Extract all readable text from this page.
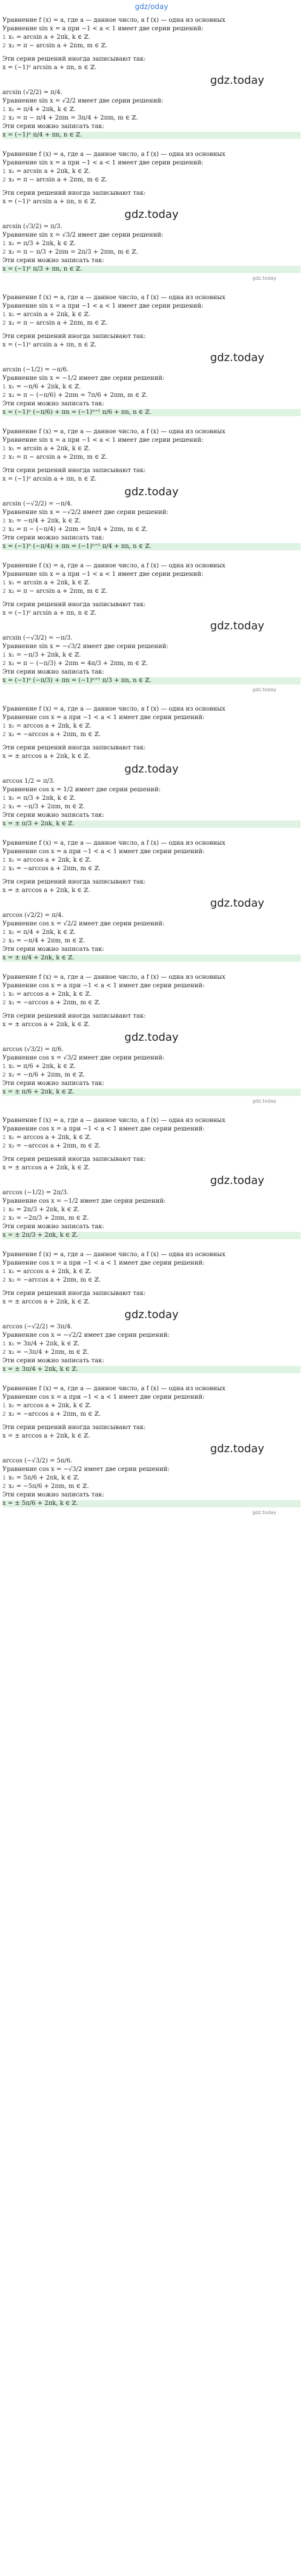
gdz/oday
Уравнение f (x) = a, где a — данное число, а f (x) — одна из основных
Уравнение sin x = a при −1 < a < 1 имеет две серии решений:
1 x₁ = arcsin a + 2πk, k ∈ ℤ.
2 x₂ = π − arcsin a + 2πm, m ∈ ℤ.
Эти серии решений иногда записывают так:
x = (−1)ⁿ arcsin a + πn, n ∈ ℤ.
gdz.today
arcsin (√2/2) = π/4.
Уравнение sin x = √2/2 имеет две серии решений:
1 x₁ = π/4 + 2πk, k ∈ ℤ.
2 x₂ = π − π/4 + 2πm = 3π/4 + 2πm, m ∈ ℤ.
Эти серии можно записать так:
x = (−1)ⁿ π/4 + πn, n ∈ ℤ.
Уравнение f (x) = a, где a — данное число, а f (x) — одна из основных
Уравнение sin x = a при −1 < a < 1 имеет две серии решений:
1 x₁ = arcsin a + 2πk, k ∈ ℤ.
2 x₂ = π − arcsin a + 2πm, m ∈ ℤ.
Эти серии решений иногда записывают так:
x = (−1)ⁿ arcsin a + πn, n ∈ ℤ.
gdz.today
arcsin (√3/2) = π/3.
Уравнение sin x = √3/2 имеет две серии решений:
1 x₁ = π/3 + 2πk, k ∈ ℤ.
2 x₂ = π − π/3 + 2πm = 2π/3 + 2πm, m ∈ ℤ.
Эти серии можно записать так:
x = (−1)ⁿ π/3 + πn, n ∈ ℤ.
gdz.today
Уравнение f (x) = a, где a — данное число, а f (x) — одна из основных
Уравнение sin x = a при −1 < a < 1 имеет две серии решений:
1 x₁ = arcsin a + 2πk, k ∈ ℤ.
2 x₂ = π − arcsin a + 2πm, m ∈ ℤ.
Эти серии решений иногда записывают так:
x = (−1)ⁿ arcsin a + πn, n ∈ ℤ.
gdz.today
arcsin (−1/2) = −π/6.
Уравнение sin x = −1/2 имеет две серии решений:
1 x₁ = −π/6 + 2πk, k ∈ ℤ.
2 x₂ = π − (−π/6) + 2πm = 7π/6 + 2πm, m ∈ ℤ.
Эти серии можно записать так:
x = (−1)ⁿ (−π/6) + πn = (−1)ⁿ⁺¹ π/6 + πn, n ∈ ℤ.
Уравнение f (x) = a, где a — данное число, а f (x) — одна из основных
Уравнение sin x = a при −1 < a < 1 имеет две серии решений:
1 x₁ = arcsin a + 2πk, k ∈ ℤ.
2 x₂ = π − arcsin a + 2πm, m ∈ ℤ.
Эти серии решений иногда записывают так:
x = (−1)ⁿ arcsin a + πn, n ∈ ℤ.
gdz.today
arcsin (−√2/2) = −π/4.
Уравнение sin x = −√2/2 имеет две серии решений:
1 x₁ = −π/4 + 2πk, k ∈ ℤ.
2 x₂ = π − (−π/4) + 2πm = 5π/4 + 2πm, m ∈ ℤ.
Эти серии можно записать так:
x = (−1)ⁿ (−π/4) + πn = (−1)ⁿ⁺¹ π/4 + πn, n ∈ ℤ.
Уравнение f (x) = a, где a — данное число, а f (x) — одна из основных
Уравнение sin x = a при −1 < a < 1 имеет две серии решений:
1 x₁ = arcsin a + 2πk, k ∈ ℤ.
2 x₂ = π − arcsin a + 2πm, m ∈ ℤ.
Эти серии решений иногда записывают так:
x = (−1)ⁿ arcsin a + πn, n ∈ ℤ.
gdz.today
arcsin (−√3/2) = −π/3.
Уравнение sin x = −√3/2 имеет две серии решений:
1 x₁ = −π/3 + 2πk, k ∈ ℤ.
2 x₂ = π − (−π/3) + 2πm = 4π/3 + 2πm, m ∈ ℤ.
Эти серии можно записать так:
x = (−1)ⁿ (−π/3) + πn = (−1)ⁿ⁺¹ π/3 + πn, n ∈ ℤ.
gdz.today
Уравнение f (x) = a, где a — данное число, а f (x) — одна из основных
Уравнение cos x = a при −1 < a < 1 имеет две серии решений:
1 x₁ = arccos a + 2πk, k ∈ ℤ.
2 x₂ = −arccos a + 2πm, m ∈ ℤ.
Эти серии решений иногда записывают так:
x = ± arccos a + 2πk, k ∈ ℤ.
gdz.today
arccos 1/2 = π/3.
Уравнение cos x = 1/2 имеет две серии решений:
1 x₁ = π/3 + 2πk, k ∈ ℤ.
2 x₂ = −π/3 + 2πm, m ∈ ℤ.
Эти серии можно записать так:
x = ± π/3 + 2πk, k ∈ ℤ.
Уравнение f (x) = a, где a — данное число, а f (x) — одна из основных
Уравнение cos x = a при −1 < a < 1 имеет две серии решений:
1 x₁ = arccos a + 2πk, k ∈ ℤ.
2 x₂ = −arccos a + 2πm, m ∈ ℤ.
Эти серии решений иногда записывают так:
x = ± arccos a + 2πk, k ∈ ℤ.
gdz.today
arccos (√2/2) = π/4.
Уравнение cos x = √2/2 имеет две серии решений:
1 x₁ = π/4 + 2πk, k ∈ ℤ.
2 x₂ = −π/4 + 2πm, m ∈ ℤ.
Эти серии можно записать так:
x = ± π/4 + 2πk, k ∈ ℤ.
Уравнение f (x) = a, где a — данное число, а f (x) — одна из основных
Уравнение cos x = a при −1 < a < 1 имеет две серии решений:
1 x₁ = arccos a + 2πk, k ∈ ℤ.
2 x₂ = −arccos a + 2πm, m ∈ ℤ.
Эти серии решений иногда записывают так:
x = ± arccos a + 2πk, k ∈ ℤ.
gdz.today
arccos (√3/2) = π/6.
Уравнение cos x = √3/2 имеет две серии решений:
1 x₁ = π/6 + 2πk, k ∈ ℤ.
2 x₂ = −π/6 + 2πm, m ∈ ℤ.
Эти серии можно записать так:
x = ± π/6 + 2πk, k ∈ ℤ.
gdz.today
Уравнение f (x) = a, где a — данное число, а f (x) — одна из основных
Уравнение cos x = a при −1 < a < 1 имеет две серии решений:
1 x₁ = arccos a + 2πk, k ∈ ℤ.
2 x₂ = −arccos a + 2πm, m ∈ ℤ.
Эти серии решений иногда записывают так:
x = ± arccos a + 2πk, k ∈ ℤ.
gdz.today
arccos (−1/2) = 2π/3.
Уравнение cos x = −1/2 имеет две серии решений:
1 x₁ = 2π/3 + 2πk, k ∈ ℤ.
2 x₂ = −2π/3 + 2πm, m ∈ ℤ.
Эти серии можно записать так:
x = ± 2π/3 + 2πk, k ∈ ℤ.
Уравнение f (x) = a, где a — данное число, а f (x) — одна из основных
Уравнение cos x = a при −1 < a < 1 имеет две серии решений:
1 x₁ = arccos a + 2πk, k ∈ ℤ.
2 x₂ = −arccos a + 2πm, m ∈ ℤ.
Эти серии решений иногда записывают так:
x = ± arccos a + 2πk, k ∈ ℤ.
gdz.today
arccos (−√2/2) = 3π/4.
Уравнение cos x = −√2/2 имеет две серии решений:
1 x₁ = 3π/4 + 2πk, k ∈ ℤ.
2 x₂ = −3π/4 + 2πm, m ∈ ℤ.
Эти серии можно записать так:
x = ± 3π/4 + 2πk, k ∈ ℤ.
Уравнение f (x) = a, где a — данное число, а f (x) — одна из основных
Уравнение cos x = a при −1 < a < 1 имеет две серии решений:
1 x₁ = arccos a + 2πk, k ∈ ℤ.
2 x₂ = −arccos a + 2πm, m ∈ ℤ.
Эти серии решений иногда записывают так:
x = ± arccos a + 2πk, k ∈ ℤ.
gdz.today
arccos (−√3/2) = 5π/6.
Уравнение cos x = −√3/2 имеет две серии решений:
1 x₁ = 5π/6 + 2πk, k ∈ ℤ.
2 x₂ = −5π/6 + 2πm, m ∈ ℤ.
Эти серии можно записать так:
x = ± 5π/6 + 2πk, k ∈ ℤ.
gdz.today
